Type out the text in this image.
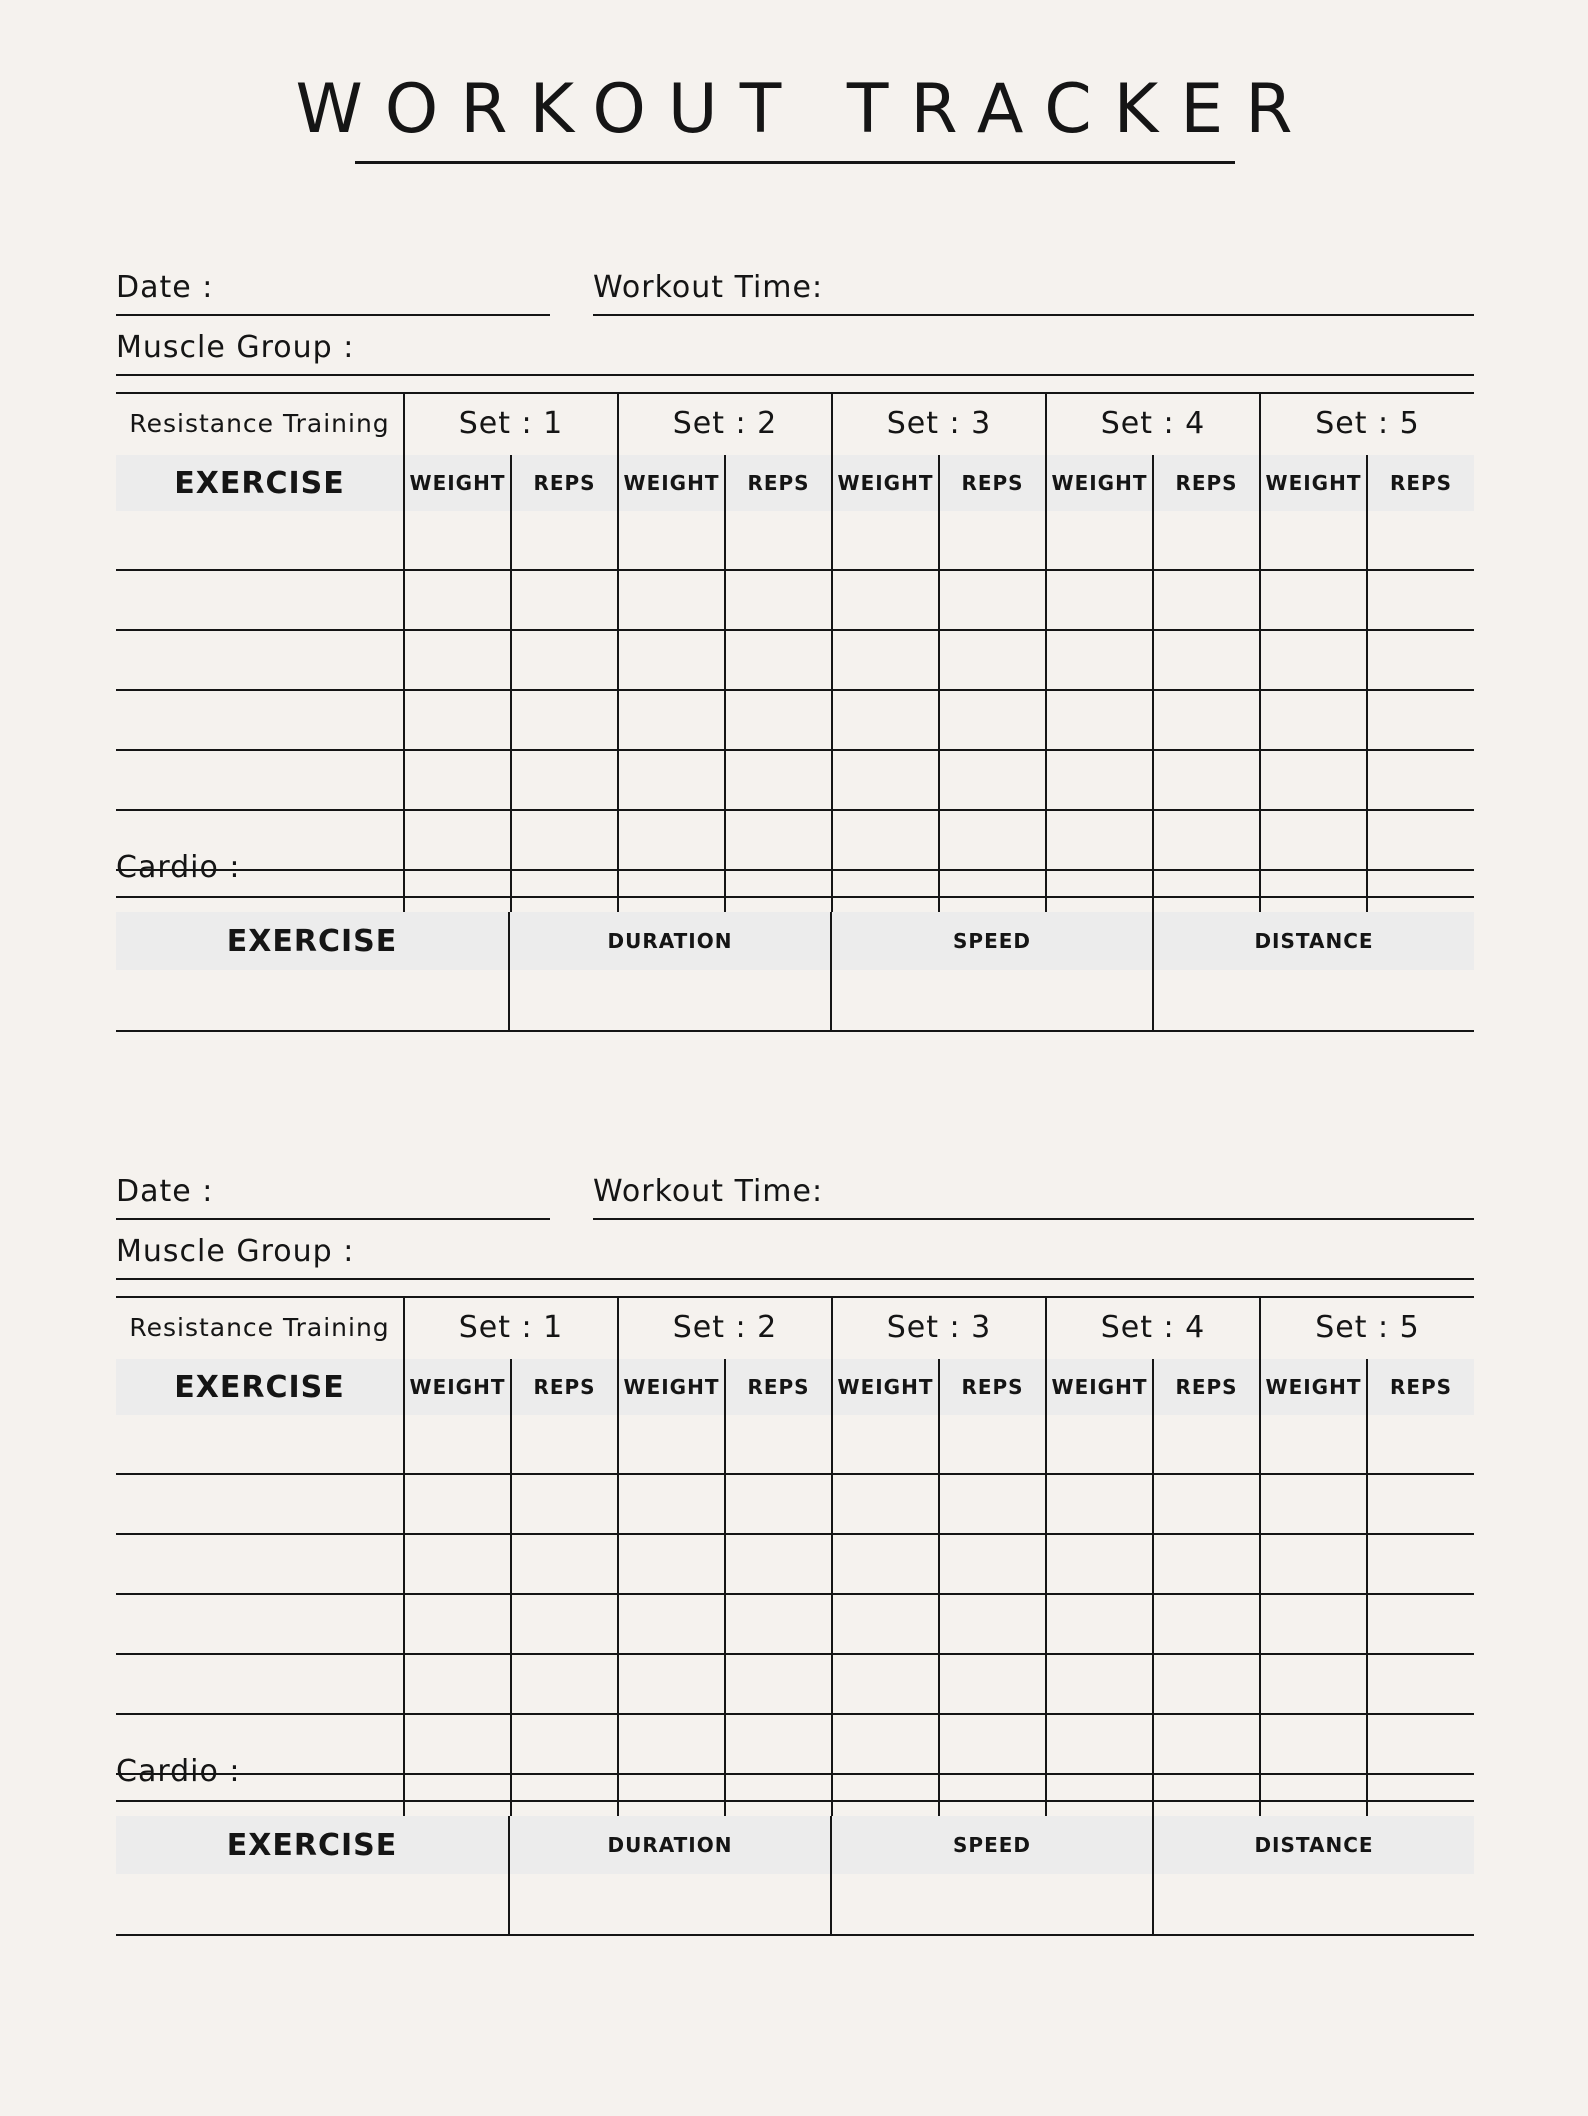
WORKOUT TRACKER
Date :	Workout Time:
Muscle Group :
Resistance Training	Set : 1		Set : 2		Set : 3		Set : 4		Set : 5	
EXERCISE	WEIGHT	REPS	WEIGHT	REPS	WEIGHT	REPS	WEIGHT	REPS	WEIGHT	REPS

Cardio :
EXERCISE	DURATION	SPEED	DISTANCE

Date :	Workout Time:
Muscle Group :
Resistance Training	Set : 1		Set : 2		Set : 3		Set : 4		Set : 5	
EXERCISE	WEIGHT	REPS	WEIGHT	REPS	WEIGHT	REPS	WEIGHT	REPS	WEIGHT	REPS

Cardio :
EXERCISE	DURATION	SPEED	DISTANCE
